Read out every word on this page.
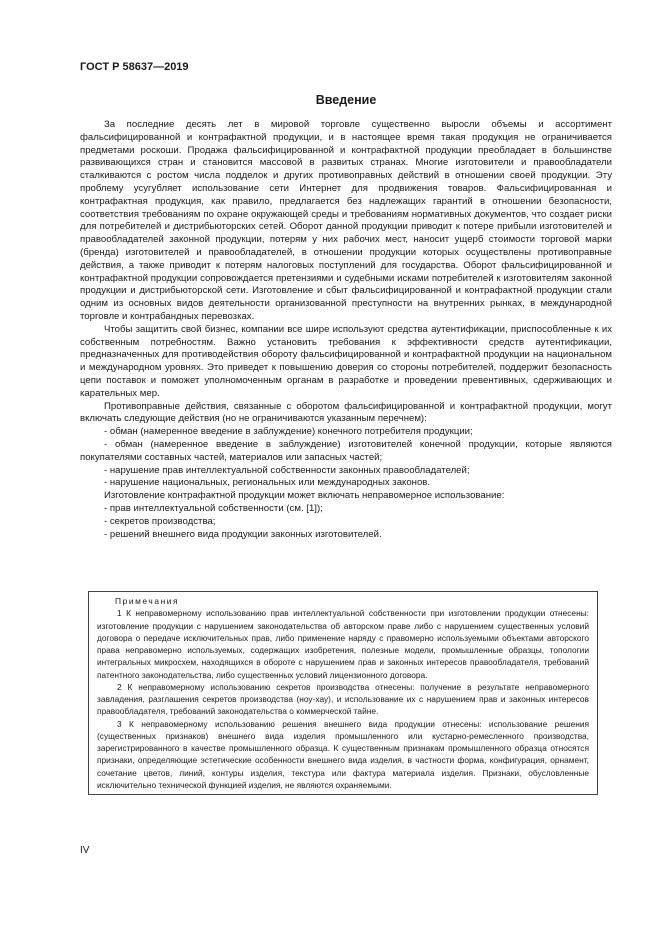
ГОСТ Р 58637—2019
Введение

За последние десять лет в мировой торговле существенно выросли объемы и ассортимент фальсифицированной и контрафактной продукции, и в настоящее время такая продукция не ограничивается предметами роскоши. Продажа фальсифицированной и контрафактной продукции преобладает в большинстве развивающихся стран и становится массовой в развитых странах. Многие изготовители и правообладатели сталкиваются с ростом числа подделок и других противоправных действий в отношении своей продукции. Эту проблему усугубляет использование сети Интернет для продвижения товаров. Фальсифицированная и контрафактная продукция, как правило, предлагается без надлежащих гарантий в отношении безопасности, соответствия требованиям по охране окружающей среды и требованиям нормативных документов, что создает риски для потребителей и дистрибьюторских сетей. Оборот данной продукции приводит к потере прибыли изготовителей и правообладателей законной продукции, потерям у них рабочих мест, наносит ущерб стоимости торговой марки (бренда) изготовителей и правообладателей, в отношении продукции которых осуществлены противоправные действия, а также приводит к потерям налоговых поступлений для государства. Оборот фальсифицированной и контрафактной продукции сопровождается претензиями и судебными исками потребителей к изготовителям законной продукции и дистрибьюторской сети. Изготовление и сбыт фальсифицированной и контрафактной продукции стали одним из основных видов деятельности организованной преступности на внутренних рынках, в международной торговле и контрабандных перевозках.

Чтобы защитить свой бизнес, компании все шире используют средства аутентификации, приспособленные к их собственным потребностям. Важно установить требования к эффективности средств аутентификации, предназначенных для противодействия обороту фальсифицированной и контрафактной продукции на национальном и международном уровнях. Это приведет к повышению доверия со стороны потребителей, поддержит безопасность цепи поставок и поможет уполномоченным органам в разработке и проведении превентивных, сдерживающих и карательных мер.

Противоправные действия, связанные с оборотом фальсифицированной и контрафактной продукции, могут включать следующие действия (но не ограничиваются указанным перечнем):

- обман (намеренное введение в заблуждение) конечного потребителя продукции;

- обман (намеренное введение в заблуждение) изготовителей конечной продукции, которые являются покупателями составных частей, материалов или запасных частей;

- нарушение прав интеллектуальной собственности законных правообладателей;

- нарушение национальных, региональных или международных законов.

Изготовление контрафактной продукции может включать неправомерное использование:

- прав интеллектуальной собственности (см. [1]);

- секретов производства;

- решений внешнего вида продукции законных изготовителей.

Примечания

1 К неправомерному использованию прав интеллектуальной собственности при изготовлении продукции отнесены: изготовление продукции с нарушением законодательства об авторском праве либо с нарушением существенных условий договора о передаче исключительных прав, либо применение наряду с правомерно используемыми объектами авторского права неправомерно используемых, содержащих изобретения, полезные модели, промышленные образцы, топологии интегральных микросхем, находящихся в обороте с нарушением прав и законных интересов правообладателя, требований патентного законодательства, либо существенных условий лицензионного договора.

2 К неправомерному использованию секретов производства отнесены: получение в результате неправомерного завладения, разглашения секретов производства (ноу-хау), и использование их с нарушением прав и законных интересов правообладателя, требований законодательства о коммерческой тайне.

3 К неправомерному использованию решения внешнего вида продукции отнесены: использование решения (существенных признаков) внешнего вида изделия промышленного или кустарно-ремесленного производства, зарегистрированного в качестве промышленного образца. К существенным признакам промышленного образца относятся признаки, определяющие эстетические особенности внешнего вида изделия, в частности форма, конфигурация, орнамент, сочетание цветов, линий, контуры изделия, текстура или фактура материала изделия. Признаки, обусловленные исключительно технической функцией изделия, не являются охраняемыми.

IV
